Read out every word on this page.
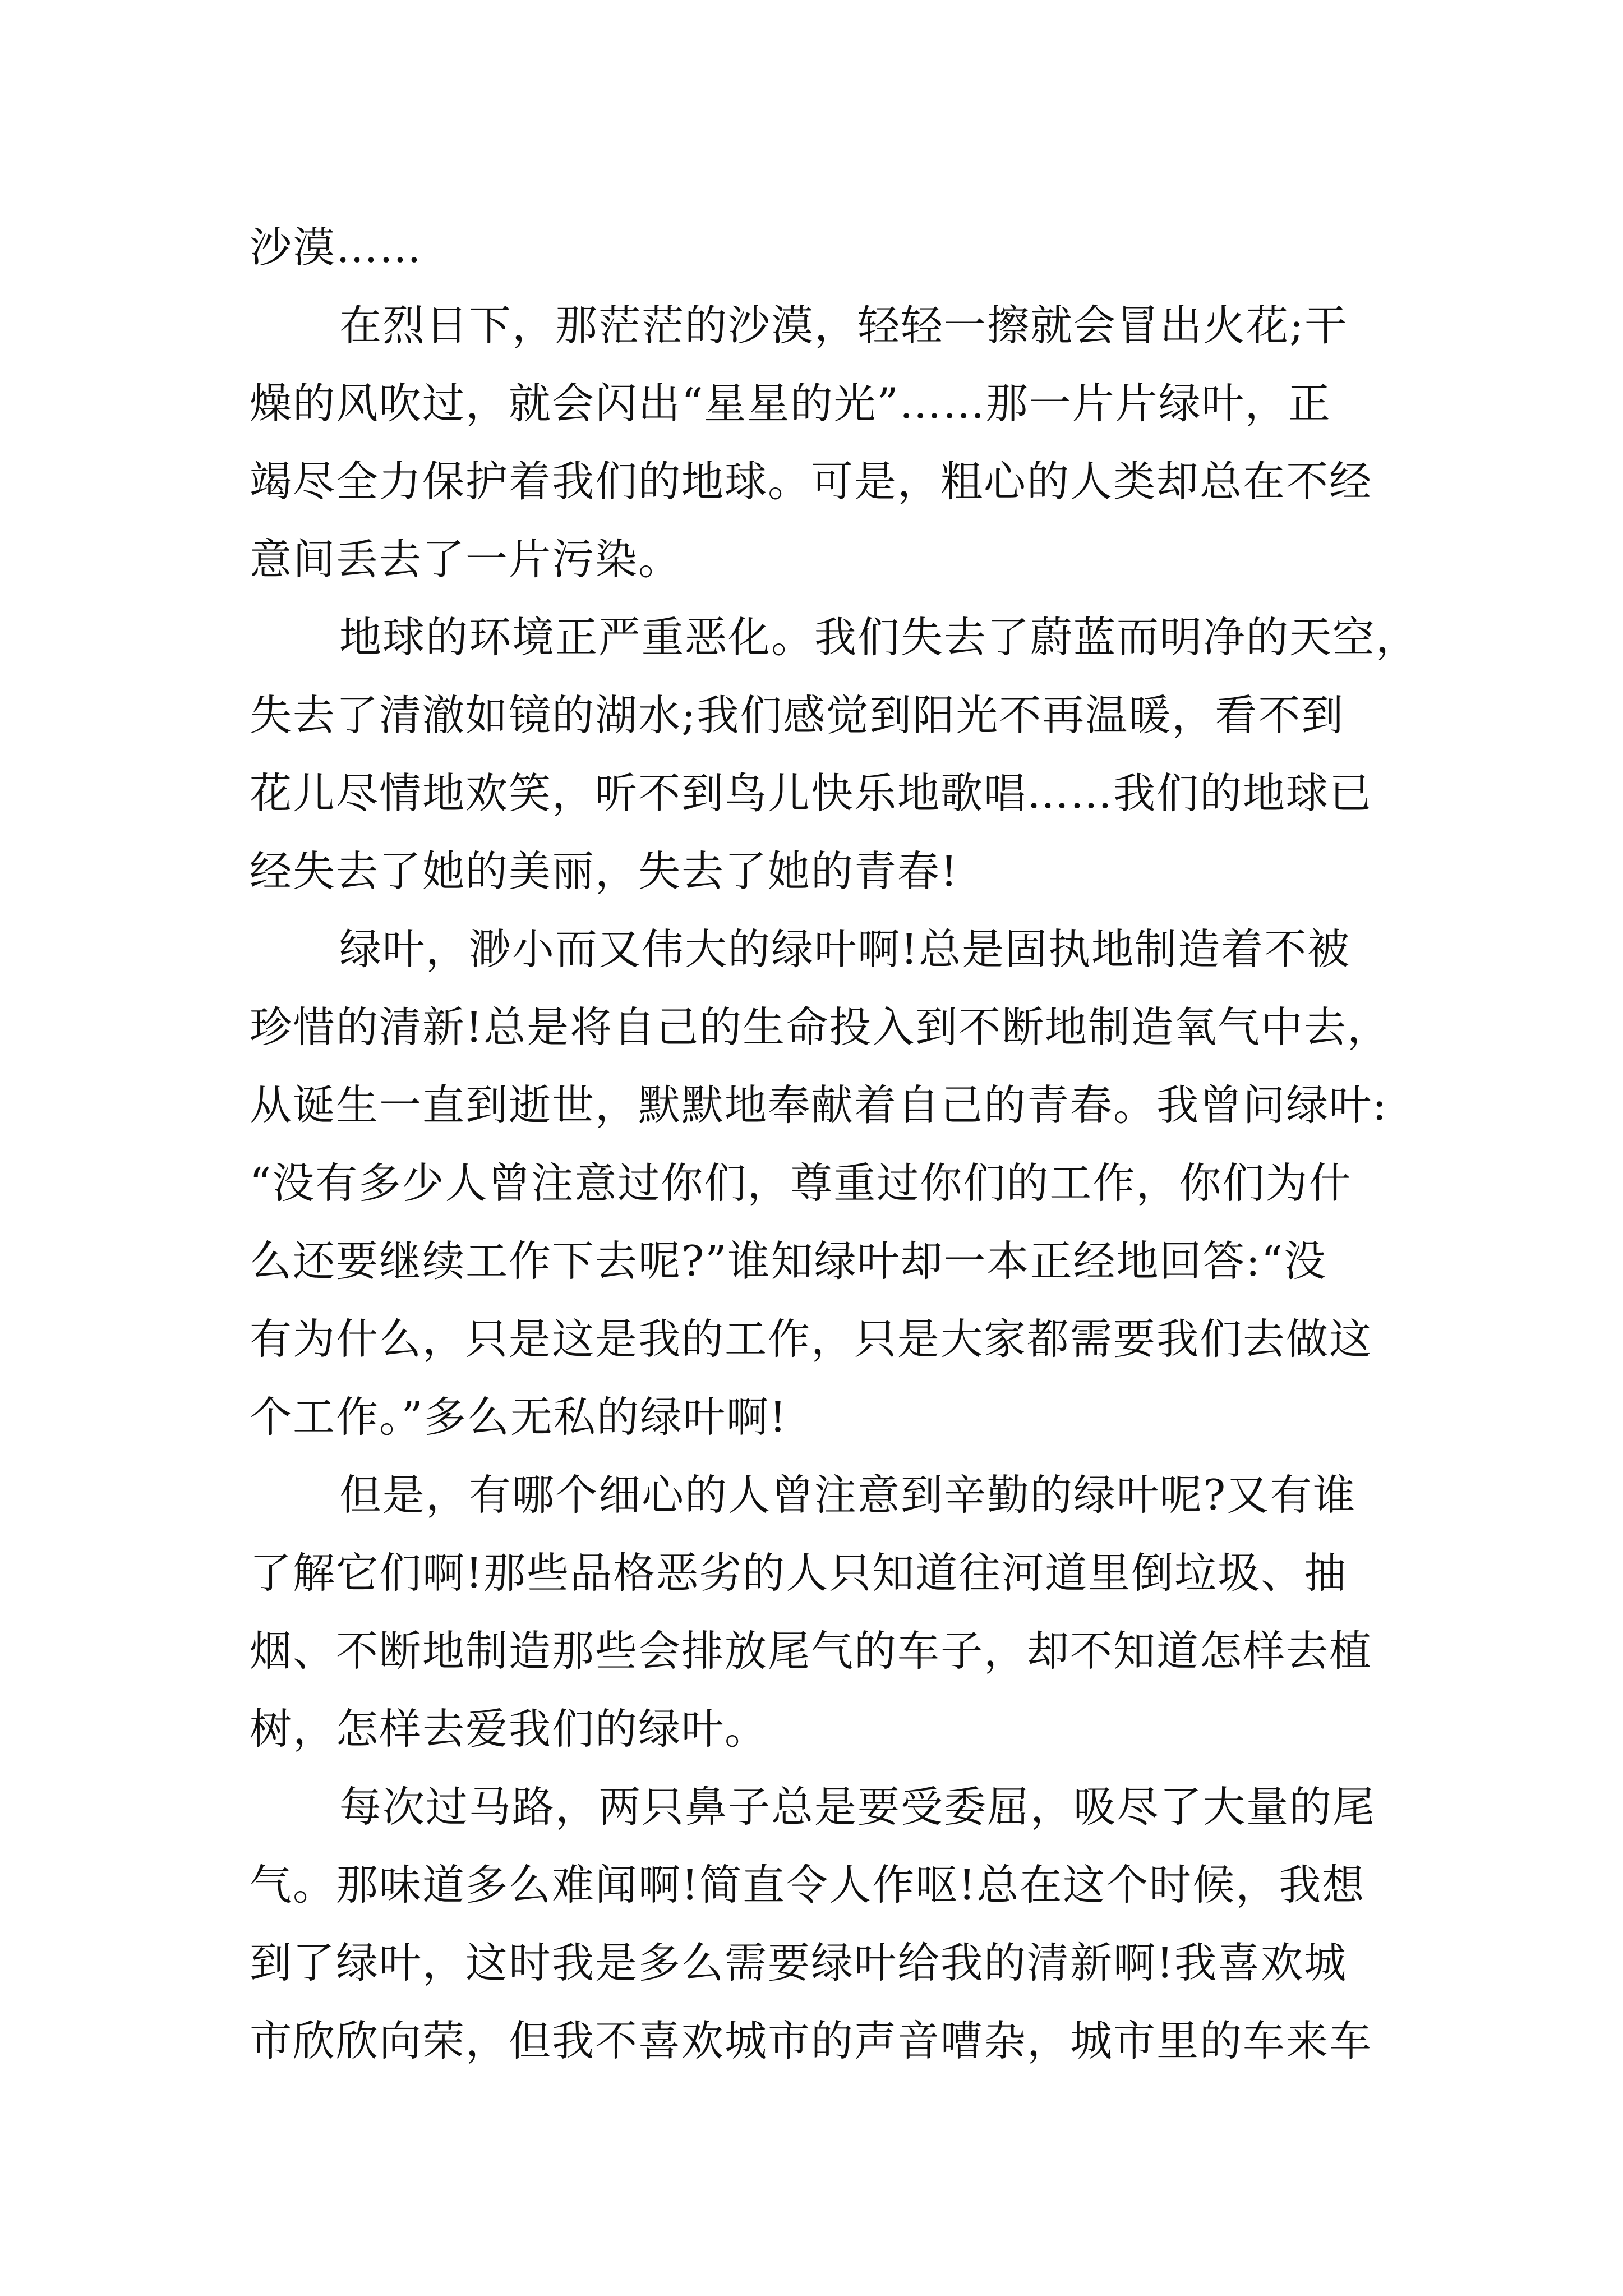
沙漠……
在烈日下，那茫茫的沙漠，轻轻一擦就会冒出火花;干
燥的风吹过，就会闪出“星星的光”……那一片片绿叶，正
竭尽全力保护着我们的地球。可是，粗心的人类却总在不经
意间丢去了一片污染。
地球的环境正严重恶化。我们失去了蔚蓝而明净的天空，
失去了清澈如镜的湖水;我们感觉到阳光不再温暖，看不到
花儿尽情地欢笑，听不到鸟儿快乐地歌唱……我们的地球已
经失去了她的美丽，失去了她的青春!
绿叶，渺小而又伟大的绿叶啊!总是固执地制造着不被
珍惜的清新!总是将自己的生命投入到不断地制造氧气中去，
从诞生一直到逝世，默默地奉献着自己的青春。我曾问绿叶:
“没有多少人曾注意过你们，尊重过你们的工作，你们为什
么还要继续工作下去呢?”谁知绿叶却一本正经地回答:“没
有为什么，只是这是我的工作，只是大家都需要我们去做这
个工作。”多么无私的绿叶啊!
但是，有哪个细心的人曾注意到辛勤的绿叶呢?又有谁
了解它们啊!那些品格恶劣的人只知道往河道里倒垃圾、抽
烟、不断地制造那些会排放尾气的车子，却不知道怎样去植
树，怎样去爱我们的绿叶。
每次过马路，两只鼻子总是要受委屈，吸尽了大量的尾
气。那味道多么难闻啊!简直令人作呕!总在这个时候，我想
到了绿叶，这时我是多么需要绿叶给我的清新啊!我喜欢城
市欣欣向荣，但我不喜欢城市的声音嘈杂，城市里的车来车
